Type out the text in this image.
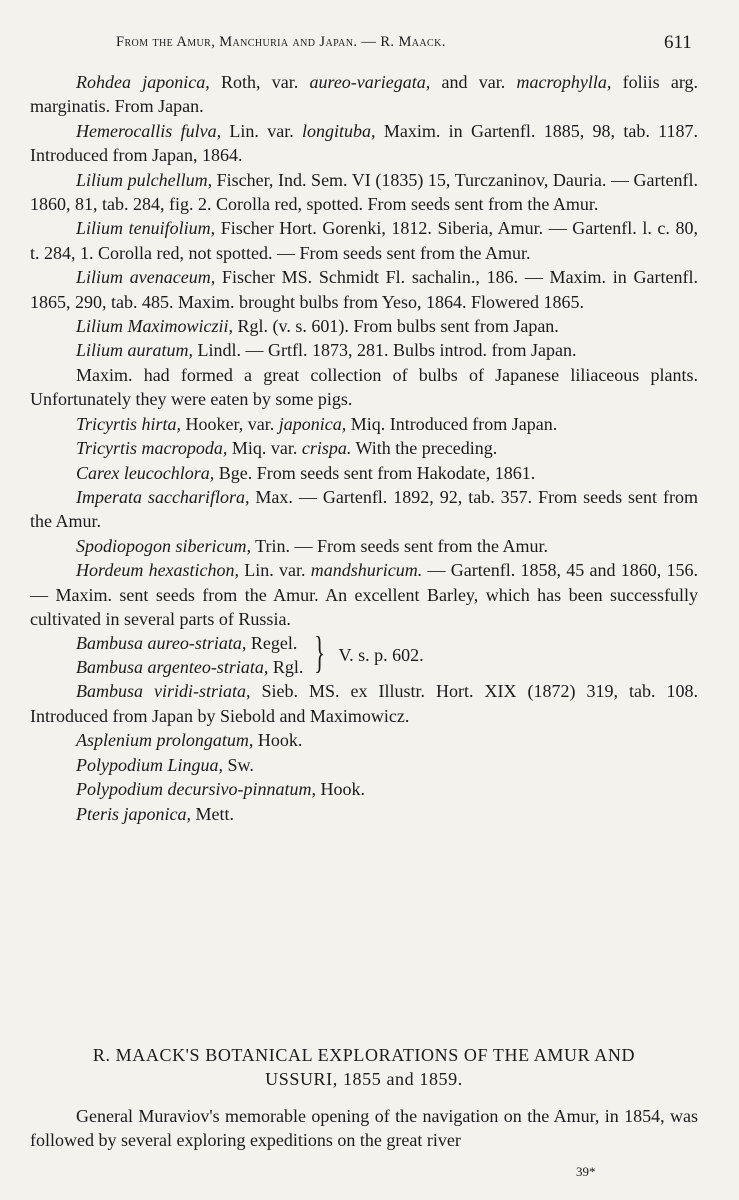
From the Amur, Manchuria and Japan. — R. Maack.	611

Rohdea japonica, Roth, var. aureo-variegata, and var. macrophylla, foliis arg. marginatis. From Japan.

Hemerocallis fulva, Lin. var. longituba, Maxim. in Gartenfl. 1885, 98, tab. 1187. Introduced from Japan, 1864.

Lilium pulchellum, Fischer, Ind. Sem. VI (1835) 15, Turczaninov, Dauria. — Gartenfl. 1860, 81, tab. 284, fig. 2. Corolla red, spotted. From seeds sent from the Amur.

Lilium tenuifolium, Fischer Hort. Gorenki, 1812. Siberia, Amur. — Gartenfl. l. c. 80, t. 284, 1. Corolla red, not spotted. — From seeds sent from the Amur.

Lilium avenaceum, Fischer MS. Schmidt Fl. sachalin., 186. — Maxim. in Gartenfl. 1865, 290, tab. 485. Maxim. brought bulbs from Yeso, 1864. Flowered 1865.

Lilium Maximowiczii, Rgl. (v. s. 601). From bulbs sent from Japan.

Lilium auratum, Lindl. — Grtfl. 1873, 281. Bulbs introd. from Japan.

Maxim. had formed a great collection of bulbs of Japanese liliaceous plants. Unfortunately they were eaten by some pigs.

Tricyrtis hirta, Hooker, var. japonica, Miq. Introduced from Japan.

Tricyrtis macropoda, Miq. var. crispa. With the preceding.

Carex leucochlora, Bge. From seeds sent from Hakodate, 1861.

Imperata sacchariflora, Max. — Gartenfl. 1892, 92, tab. 357. From seeds sent from the Amur.

Spodiopogon sibericum, Trin. — From seeds sent from the Amur.

Hordeum hexastichon, Lin. var. mandshuricum. — Gartenfl. 1858, 45 and 1860, 156. — Maxim. sent seeds from the Amur. An excellent Barley, which has been successfully cultivated in several parts of Russia.

Bambusa aureo-striata, Regel.
Bambusa argenteo-striata, Rgl. } V. s. p. 602.

Bambusa viridi-striata, Sieb. MS. ex Illustr. Hort. XIX (1872) 319, tab. 108. Introduced from Japan by Siebold and Maximowicz.

Asplenium prolongatum, Hook.
Polypodium Lingua, Sw.
Polypodium decursivo-pinnatum, Hook.
Pteris japonica, Mett.
R. MAACK'S BOTANICAL EXPLORATIONS OF THE AMUR AND
USSURI, 1855 and 1859.

General Muraviov's memorable opening of the navigation on the Amur, in 1854, was followed by several exploring expeditions on the great river

39*
